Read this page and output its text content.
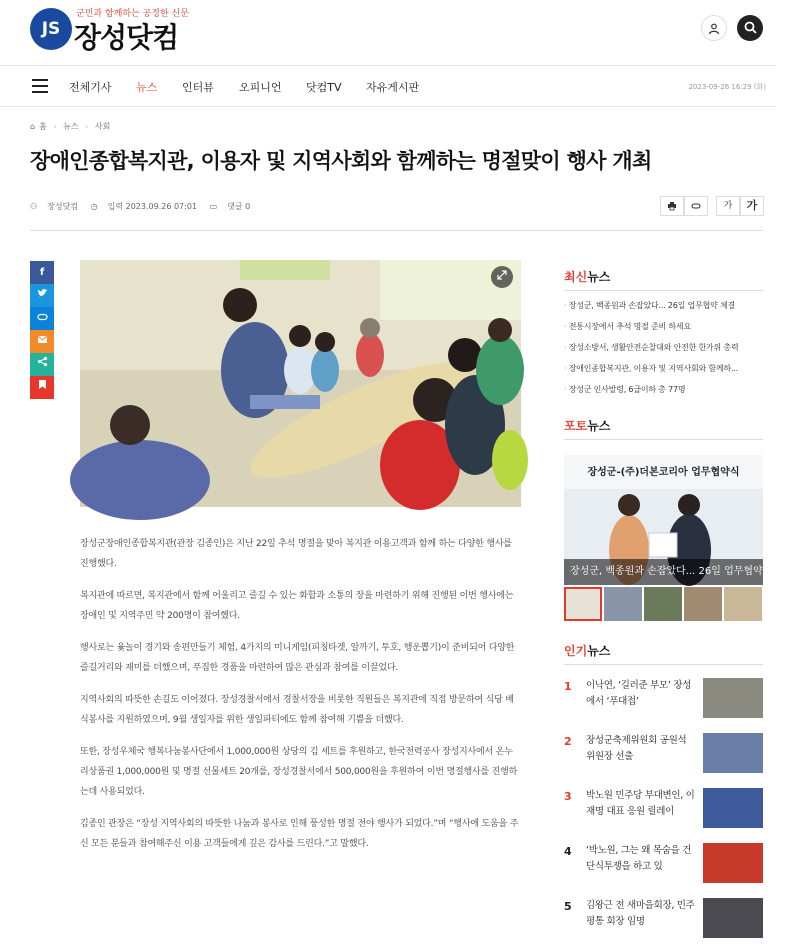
JS
군민과 함께하는 공정한 신문
장성닷컴
전체기사 뉴스 인터뷰 오피니언 닷컴TV 자유게시판	2023-09-26 16:29 (화)
⌂ 홈 › 뉴스 › 사회
장애인종합복지관, 이용자 및 지역사회와 함께하는 명절맞이 행사 개최
⚇ 장성닷컴 ◷ 입력 2023.09.26 07:01 ▭ 댓글 0	가	가
f

장성군장애인종합복지관(관장 김종인)은 지난 22일 추석 명절을 맞아 복지관 이용고객과 함께 하는 다양한 행사를 진행했다.

복지관에 따르면, 복지관에서 함께 어울리고 즐길 수 있는 화합과 소통의 장을 마련하기 위해 진행된 이번 행사에는 장애인 및 지역주민 약 200명이 참여했다.

행사로는 윷놀이 경기와 송편만들기 체험, 4가지의 미니게임(피칭타겟, 알까기, 투호, 행운뽑기)이 준비되어 다양한 즐길거리와 재미를 더했으며, 푸짐한 경품을 마련하여 많은 관심과 참여를 이끌었다.

지역사회의 따뜻한 손길도 이어졌다. 장성경찰서에서 경찰서장을 비롯한 직원들은 복지관에 직접 방문하여 식당 배식봉사를 지원하였으며, 9월 생일자를 위한 생일파티에도 함께 참여해 기쁨을 더했다.

또한, 장성우체국 행복나눔봉사단에서 1,000,000원 상당의 김 세트를 후원하고, 한국전력공사 장성지사에서 온누리상품권 1,000,000원 및 명절 선물세트 20개를, 장성경찰서에서 500,000원을 후원하여 이번 명절행사를 진행하는데 사용되었다.

김종인 관장은 “장성 지역사회의 따뜻한 나눔과 봉사로 인해 풍성한 명절 전야 행사가 되었다.”며 “행사에 도움을 주신 모든 분들과 참여해주신 이용 고객들에게 깊은 감사를 드린다.”고 말했다.

최신뉴스
· 장성군, 백종원과 손잡았다... 26일 업무협약 체결
· 전통시장에서 추석 명절 준비 하세요
· 장성소방서, 생활안전순찰대와 안전한 한가위 총력
· 장애인종합복지관, 이용자 및 지역사회와 함께하...
· 장성군 인사발령, 6급이하 총 77명
포토뉴스
장성군-(주)더본코리아 업무협약식
장성군, 백종원과 손잡았다... 26일 업무협약 체결
인기뉴스
1 이낙연, ‘길러준 부모’ 장성에서 ‘푸대접’
2 장성군축제위원회 공원석 위원장 선출
3 박노원 민주당 부대변인, 이재명 대표 응원 릴레이
4 ‘박노원, 그는 왜 목숨을 건 단식투쟁을 하고 있
5 김왕근 전 새마을회장, 민주평통 회장 임명
